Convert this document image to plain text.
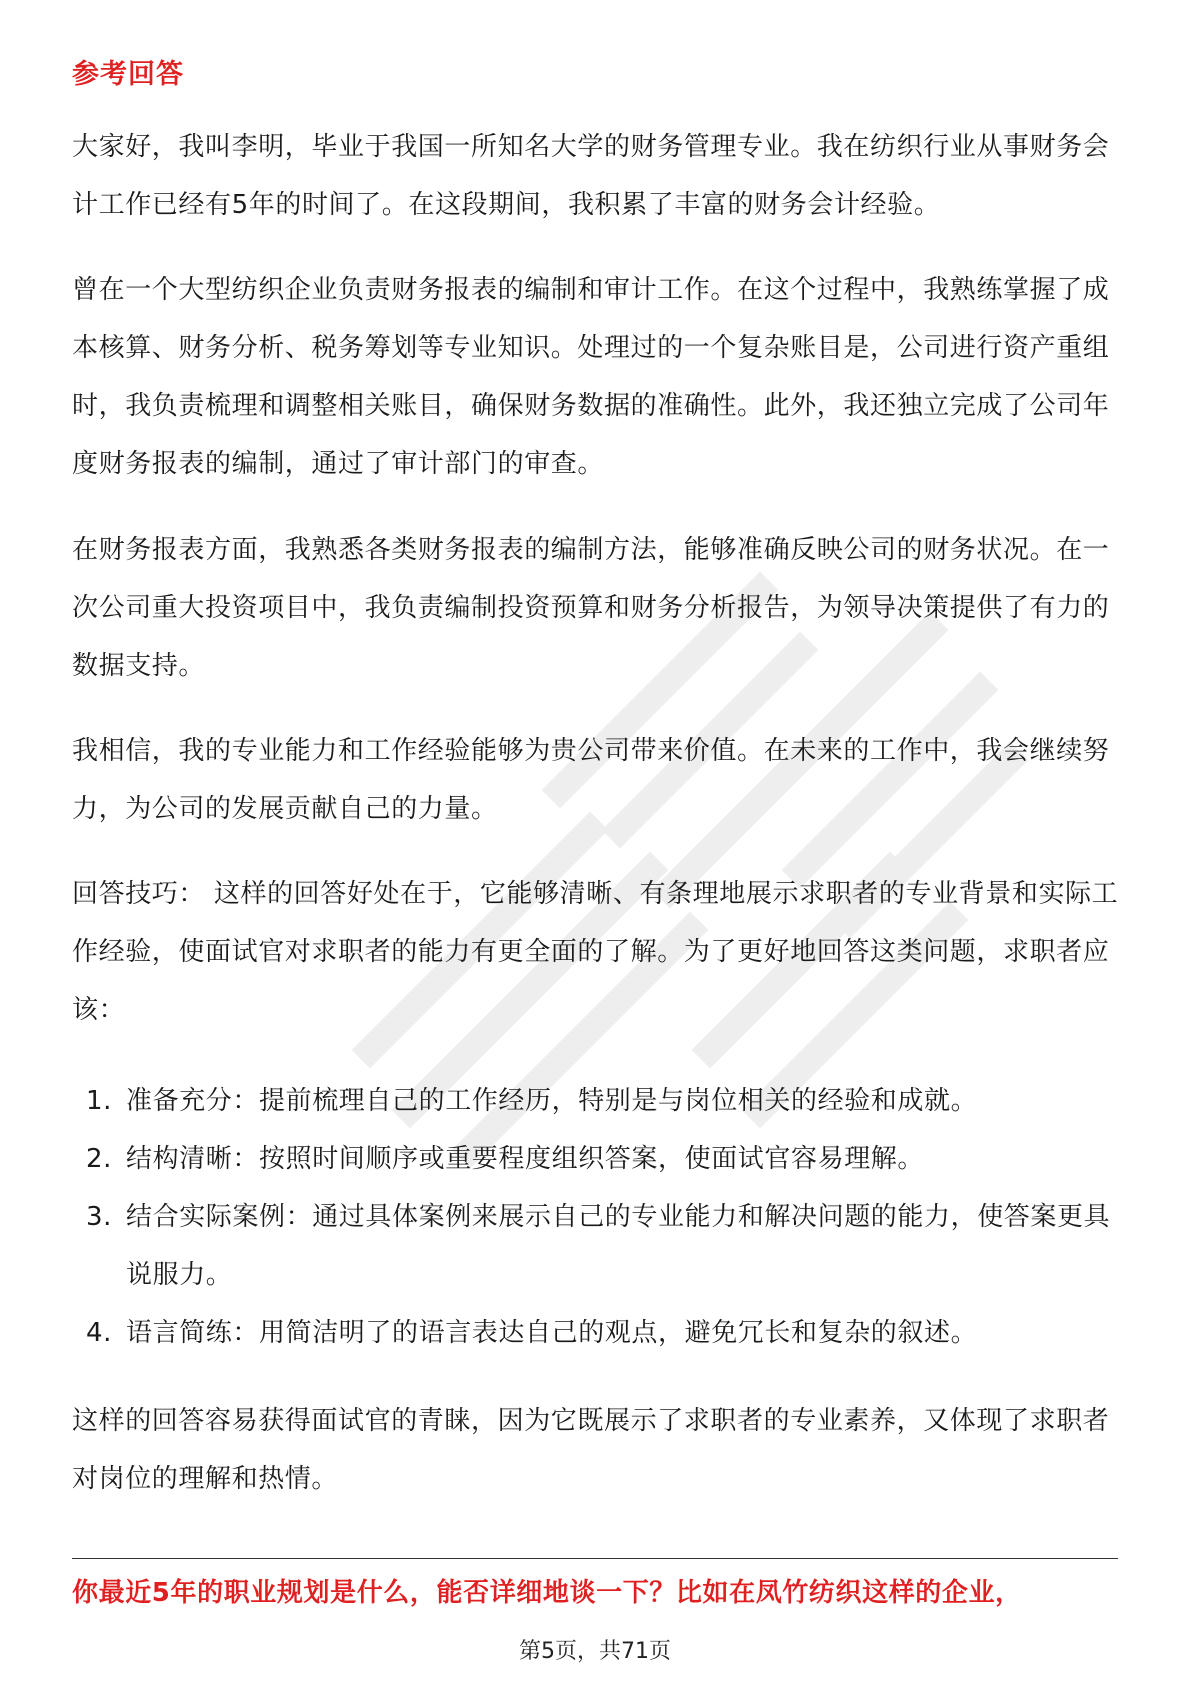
参考回答

大家好，我叫李明，毕业于我国一所知名大学的财务管理专业。我在纺织行业从事财务会计工作已经有5年的时间了。在这段期间，我积累了丰富的财务会计经验。

曾在一个大型纺织企业负责财务报表的编制和审计工作。在这个过程中，我熟练掌握了成本核算、财务分析、税务筹划等专业知识。处理过的一个复杂账目是，公司进行资产重组时，我负责梳理和调整相关账目，确保财务数据的准确性。此外，我还独立完成了公司年度财务报表的编制，通过了审计部门的审查。

在财务报表方面，我熟悉各类财务报表的编制方法，能够准确反映公司的财务状况。在一次公司重大投资项目中，我负责编制投资预算和财务分析报告，为领导决策提供了有力的数据支持。

我相信，我的专业能力和工作经验能够为贵公司带来价值。在未来的工作中，我会继续努力，为公司的发展贡献自己的力量。

回答技巧： 这样的回答好处在于，它能够清晰、有条理地展示求职者的专业背景和实际工作经验，使面试官对求职者的能力有更全面的了解。为了更好地回答这类问题，求职者应该：

1. 准备充分：提前梳理自己的工作经历，特别是与岗位相关的经验和成就。
2. 结构清晰：按照时间顺序或重要程度组织答案，使面试官容易理解。
3. 结合实际案例：通过具体案例来展示自己的专业能力和解决问题的能力，使答案更具说服力。
4. 语言简练：用简洁明了的语言表达自己的观点，避免冗长和复杂的叙述。

这样的回答容易获得面试官的青睐，因为它既展示了求职者的专业素养，又体现了求职者对岗位的理解和热情。

你最近5年的职业规划是什么，能否详细地谈一下？比如在凤竹纺织这样的企业，
第5页，共71页
